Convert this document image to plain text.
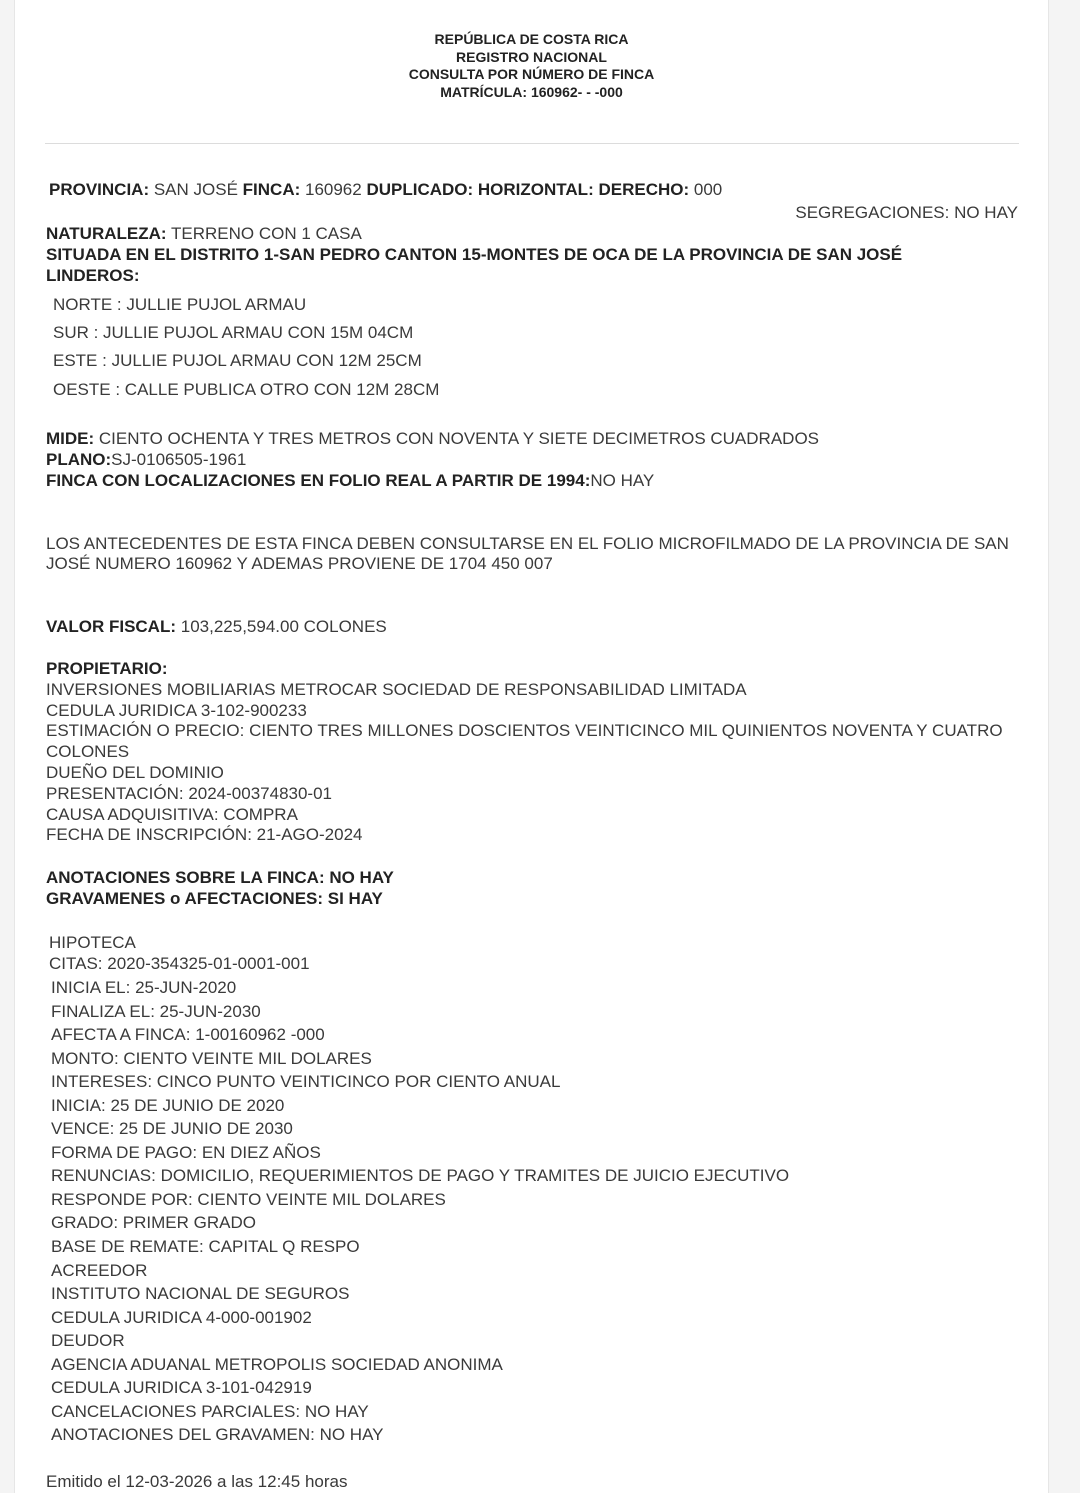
REPÚBLICA DE COSTA RICA
REGISTRO NACIONAL
CONSULTA POR NÚMERO DE FINCA
MATRÍCULA: 160962- - -000
PROVINCIA: SAN JOSÉ FINCA: 160962 DUPLICADO: HORIZONTAL: DERECHO: 000
SEGREGACIONES: NO HAY
NATURALEZA: TERRENO CON 1 CASA
SITUADA EN EL DISTRITO 1-SAN PEDRO CANTON 15-MONTES DE OCA DE LA PROVINCIA DE SAN JOSÉ
LINDEROS:
NORTE : JULLIE PUJOL ARMAU
SUR : JULLIE PUJOL ARMAU CON 15M 04CM
ESTE : JULLIE PUJOL ARMAU CON 12M 25CM
OESTE : CALLE PUBLICA OTRO CON 12M 28CM
MIDE: CIENTO OCHENTA Y TRES METROS CON NOVENTA Y SIETE DECIMETROS CUADRADOS
PLANO:SJ-0106505-1961
FINCA CON LOCALIZACIONES EN FOLIO REAL A PARTIR DE 1994:NO HAY
LOS ANTECEDENTES DE ESTA FINCA DEBEN CONSULTARSE EN EL FOLIO MICROFILMADO DE LA PROVINCIA DE SAN JOSÉ NUMERO 160962 Y ADEMAS PROVIENE DE 1704 450 007
VALOR FISCAL: 103,225,594.00 COLONES
PROPIETARIO:
INVERSIONES MOBILIARIAS METROCAR SOCIEDAD DE RESPONSABILIDAD LIMITADA
CEDULA JURIDICA 3-102-900233
ESTIMACIÓN O PRECIO: CIENTO TRES MILLONES DOSCIENTOS VEINTICINCO MIL QUINIENTOS NOVENTA Y CUATRO COLONES
DUEÑO DEL DOMINIO
PRESENTACIÓN: 2024-00374830-01
CAUSA ADQUISITIVA: COMPRA
FECHA DE INSCRIPCIÓN: 21-AGO-2024
ANOTACIONES SOBRE LA FINCA: NO HAY
GRAVAMENES o AFECTACIONES: SI HAY
HIPOTECA
CITAS: 2020-354325-01-0001-001
INICIA EL: 25-JUN-2020
FINALIZA EL: 25-JUN-2030
AFECTA A FINCA: 1-00160962 -000
MONTO: CIENTO VEINTE MIL DOLARES
INTERESES: CINCO PUNTO VEINTICINCO POR CIENTO ANUAL
INICIA: 25 DE JUNIO DE 2020
VENCE: 25 DE JUNIO DE 2030
FORMA DE PAGO: EN DIEZ AÑOS
RENUNCIAS: DOMICILIO, REQUERIMIENTOS DE PAGO Y TRAMITES DE JUICIO EJECUTIVO
RESPONDE POR: CIENTO VEINTE MIL DOLARES
GRADO: PRIMER GRADO
BASE DE REMATE: CAPITAL Q RESPO
ACREEDOR
INSTITUTO NACIONAL DE SEGUROS
CEDULA JURIDICA 4-000-001902
DEUDOR
AGENCIA ADUANAL METROPOLIS SOCIEDAD ANONIMA
CEDULA JURIDICA 3-101-042919
CANCELACIONES PARCIALES: NO HAY
ANOTACIONES DEL GRAVAMEN: NO HAY
Emitido el 12-03-2026 a las 12:45 horas
